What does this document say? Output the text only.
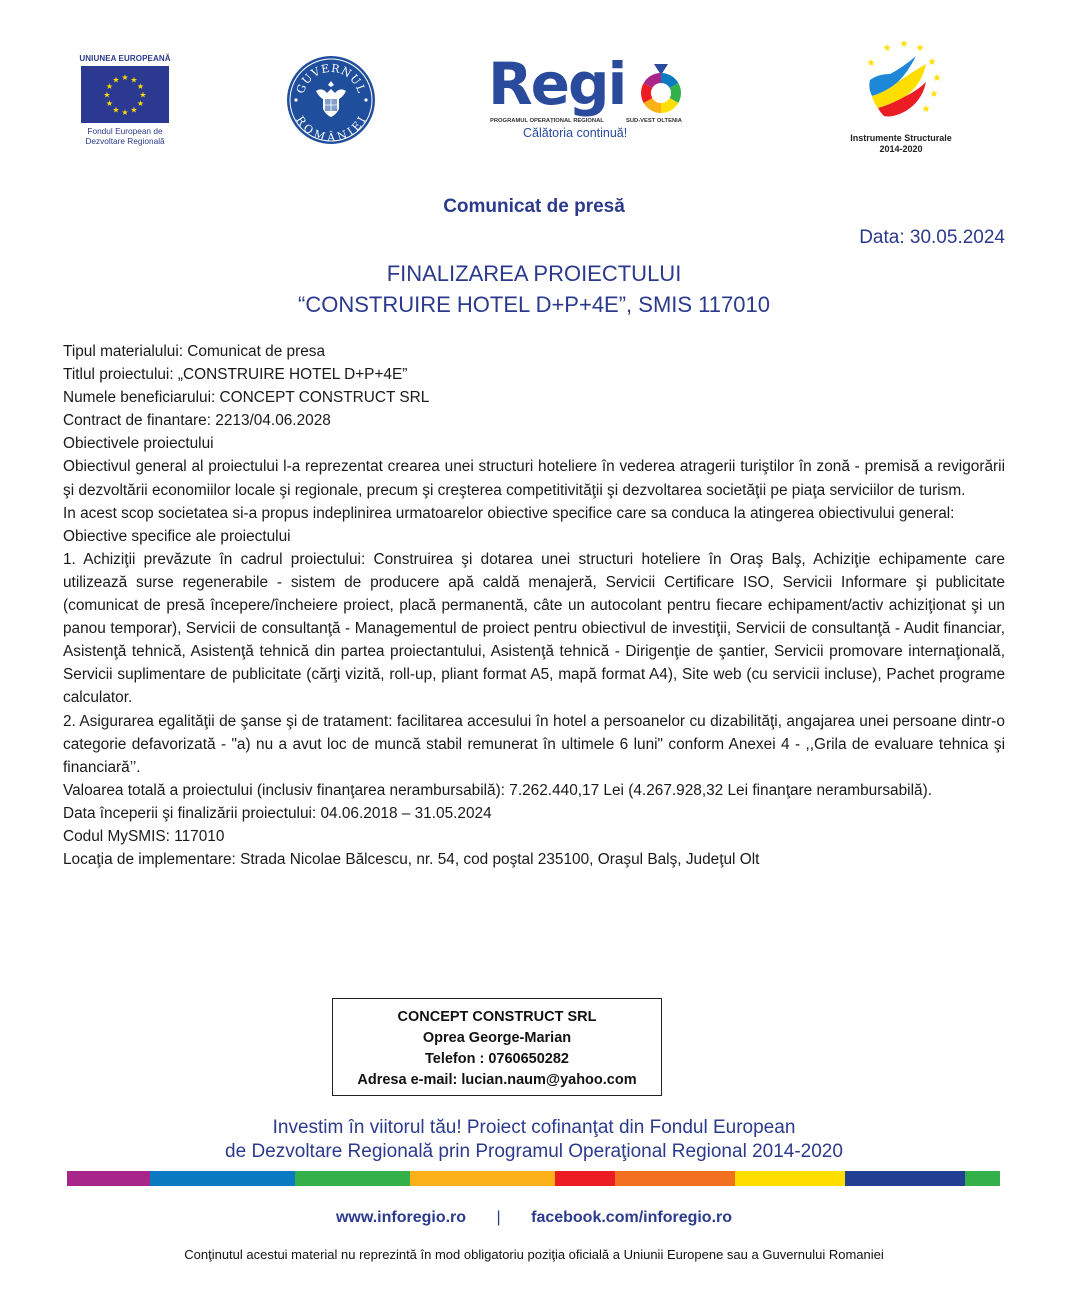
UNIUNEA EUROPEANĂ
★ ★
★
★
★
★
★
★
★
★
★
★
Fondul European de
Dezvoltare Regională
GUVERNUL
ROMÂNIEI
Regi
PROGRAMUL OPERAȚIONAL REGIONAL	SUD-VEST OLTENIA
Călătoria continuă!
★ ★ ★
★
★
★
★
★
Instrumente Structurale
2014-2020
Comunicat de presă
Data: 30.05.2024
FINALIZAREA PROIECTULUI
“CONSTRUIRE HOTEL D+P+4E”, SMIS 117010

Tipul materialului: Comunicat de presa

Titlul proiectului: „CONSTRUIRE HOTEL D+P+4E”

Numele beneficiarului: CONCEPT CONSTRUCT SRL

Contract de finantare: 2213/04.06.2028

Obiectivele proiectului

Obiectivul general al proiectului l-a reprezentat crearea unei structuri hoteliere în vederea atragerii turiştilor în zonă - premisă a revigorării şi dezvoltării economiilor locale şi regionale, precum şi creşterea competitivităţii şi dezvoltarea societăţii pe piaţa serviciilor de turism.

In acest scop societatea si-a propus indeplinirea urmatoarelor obiective specifice care sa conduca la atingerea obiectivului general:

Obiective specifice ale proiectului

1. Achiziţii prevăzute în cadrul proiectului: Construirea şi dotarea unei structuri hoteliere în Oraş Balş, Achiziţie echipamente care utilizează surse regenerabile - sistem de producere apă caldă menajeră, Servicii Certificare ISO, Servicii Informare şi publicitate (comunicat de presă începere/încheiere proiect, placă permanentă, câte un autocolant pentru fiecare echipament/activ achiziţionat şi un panou temporar), Servicii de consultanţă - Managementul de proiect pentru obiectivul de investiţii, Servicii de consultanţă - Audit financiar, Asistenţă tehnică, Asistenţă tehnică din partea proiectantului, Asistenţă tehnică - Dirigenţie de şantier, Servicii promovare internaţională, Servicii suplimentare de publicitate (cărţi vizită, roll-up, pliant format A5, mapă format A4), Site web (cu servicii incluse), Pachet programe calculator.

2. Asigurarea egalităţii de şanse şi de tratament: facilitarea accesului în hotel a persoanelor cu dizabilităţi, angajarea unei persoane dintr-o categorie defavorizată - "a) nu a avut loc de muncă stabil remunerat în ultimele 6 luni" conform Anexei 4 - ,,Grila de evaluare tehnica şi financiară’’.

Valoarea totală a proiectului (inclusiv finanţarea nerambursabilă): 7.262.440,17 Lei (4.267.928,32 Lei finanţare nerambursabilă).

Data începerii şi finalizării proiectului: 04.06.2018 – 31.05.2024

Codul MySMIS: 117010

Locaţia de implementare: Strada Nicolae Bălcescu, nr. 54, cod poştal 235100, Oraşul Balş, Judeţul Olt

CONCEPT CONSTRUCT SRL
Oprea George-Marian
Telefon : 0760650282
Adresa e-mail: lucian.naum@yahoo.com
Investim în viitorul tău! Proiect cofinanţat din Fondul European
de Dezvoltare Regională prin Programul Operaţional Regional 2014-2020
www.inforegio.ro | facebook.com/inforegio.ro
Conţinutul acestui material nu reprezintă în mod obligatoriu poziţia oficială a Uniunii Europene sau a Guvernului Romaniei
